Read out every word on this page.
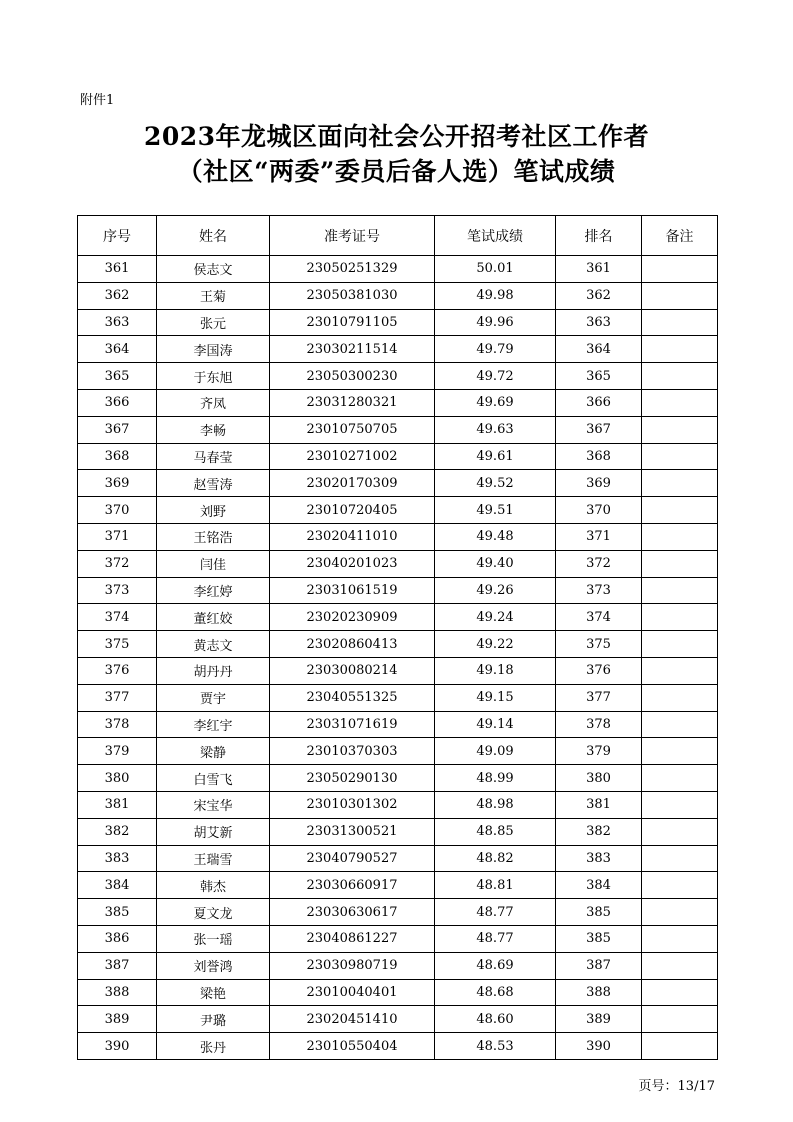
附件1
2023年龙城区面向社会公开招考社区工作者
（社区“两委”委员后备人选）笔试成绩
序号	姓名	准考证号	笔试成绩	排名	备注
361	侯志文	23050251329	50.01	361	
362	王菊	23050381030	49.98	362	
363	张元	23010791105	49.96	363	
364	李国涛	23030211514	49.79	364	
365	于东旭	23050300230	49.72	365	
366	齐凤	23031280321	49.69	366	
367	李畅	23010750705	49.63	367	
368	马春莹	23010271002	49.61	368	
369	赵雪涛	23020170309	49.52	369	
370	刘野	23010720405	49.51	370	
371	王铭浩	23020411010	49.48	371	
372	闫佳	23040201023	49.40	372	
373	李红婷	23031061519	49.26	373	
374	董红姣	23020230909	49.24	374	
375	黄志文	23020860413	49.22	375	
376	胡丹丹	23030080214	49.18	376	
377	贾宇	23040551325	49.15	377	
378	李红宇	23031071619	49.14	378	
379	梁静	23010370303	49.09	379	
380	白雪飞	23050290130	48.99	380	
381	宋宝华	23010301302	48.98	381	
382	胡艾新	23031300521	48.85	382	
383	王瑞雪	23040790527	48.82	383	
384	韩杰	23030660917	48.81	384	
385	夏文龙	23030630617	48.77	385	
386	张一瑶	23040861227	48.77	385	
387	刘誉鸿	23030980719	48.69	387	
388	梁艳	23010040401	48.68	388	
389	尹璐	23020451410	48.60	389	
390	张丹	23010550404	48.53	390	
页号：13/17
